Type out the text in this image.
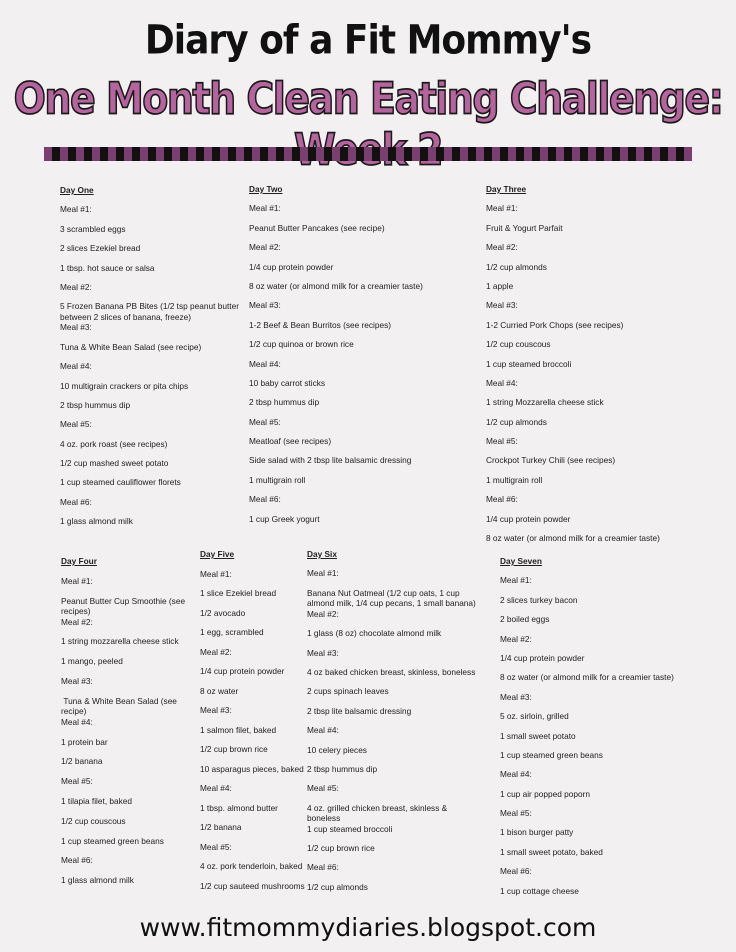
Diary of a Fit Mommy's
One Month Clean Eating Challenge:
Day One
Meal #1:
3 scrambled eggs
2 slices Ezekiel bread
1 tbsp. hot sauce or salsa
Meal #2:
5 Frozen Banana PB Bites (1/2 tsp peanut butter between 2 slices of banana, freeze)
Meal #3:
Tuna & White Bean Salad (see recipe)
Meal #4:
10 multigrain crackers or pita chips
2 tbsp hummus dip
Meal #5:
4 oz. pork roast (see recipes)
1/2 cup mashed sweet potato
1 cup steamed cauliflower florets
Meal #6:
1 glass almond milk
Day Two
Meal #1:
Peanut Butter Pancakes (see recipe)
Meal #2:
1/4 cup protein powder
8 oz water (or almond milk for a creamier taste)
Meal #3:
1-2 Beef & Bean Burritos (see recipes)
1/2 cup quinoa or brown rice
Meal #4:
10 baby carrot sticks
2 tbsp hummus dip
Meal #5:
Meatloaf (see recipes)
Side salad with 2 tbsp lite balsamic dressing
1 multigrain roll
Meal #6:
1 cup Greek yogurt
Day Three
Meal #1:
Fruit & Yogurt Parfait
Meal #2:
1/2 cup almonds
1 apple
Meal #3:
1-2 Curried Pork Chops (see recipes)
1/2 cup couscous
1 cup steamed broccoli
Meal #4:
1 string Mozzarella cheese stick
1/2 cup almonds
Meal #5:
Crockpot Turkey Chili (see recipes)
1 multigrain roll
Meal #6:
1/4 cup protein powder
8 oz water (or almond milk for a creamier taste)
Day Four
Meal #1:
Peanut Butter Cup Smoothie (see recipes)
Meal #2:
1 string mozzarella cheese stick
1 mango, peeled
Meal #3:
Tuna & White Bean Salad (see recipe)
Meal #4:
1 protein bar
1/2 banana
Meal #5:
1 tilapia filet, baked
1/2 cup couscous
1 cup steamed green beans
Meal #6:
1 glass almond milk
Day Five
Meal #1:
1 slice Ezekiel bread
1/2 avocado
1 egg, scrambled
Meal #2:
1/4 cup protein powder
8 oz water
Meal #3:
1 salmon filet, baked
1/2 cup brown rice
10 asparagus pieces, baked
Meal #4:
1 tbsp. almond butter
1/2 banana
Meal #5:
4 oz. pork tenderloin, baked
1/2 cup sauteed mushrooms
Day Six
Meal #1:
Banana Nut Oatmeal (1/2 cup oats, 1 cup almond milk, 1/4 cup pecans, 1 small banana)
Meal #2:
1 glass (8 oz) chocolate almond milk
Meal #3:
4 oz baked chicken breast, skinless, boneless
2 cups spinach leaves
2 tbsp lite balsamic dressing
Meal #4:
10 celery pieces
2 tbsp hummus dip
Meal #5:
4 oz. grilled chicken breast, skinless & boneless
1 cup steamed broccoli
1/2 cup brown rice
Meal #6:
1/2 cup almonds
Day Seven
Meal #1:
2 slices turkey bacon
2 boiled eggs
Meal #2:
1/4 cup protein powder
8 oz water (or almond milk for a creamier taste)
Meal #3:
5 oz. sirloin, grilled
1 small sweet potato
1 cup steamed green beans
Meal #4:
1 cup air popped poporn
Meal #5:
1 bison burger patty
1 small sweet potato, baked
Meal #6:
1 cup cottage cheese
www.fitmommydiaries.blogspot.com
